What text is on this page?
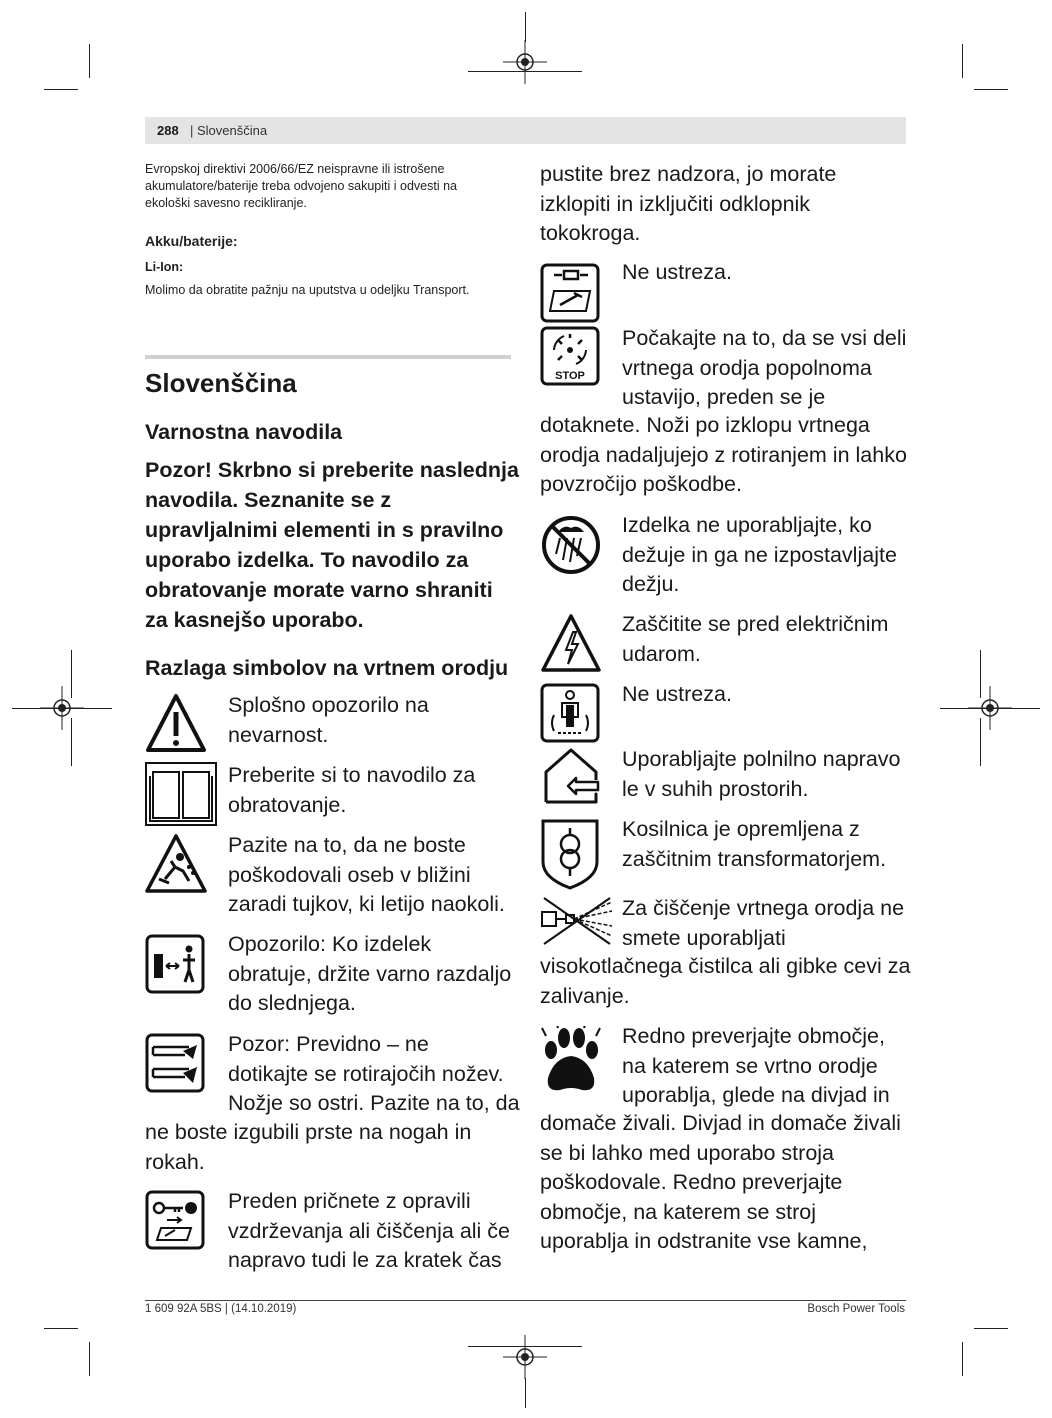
288 | Slovenščina
Evropskoj direktivi 2006/66/EZ neispravne ili istrošene akumulatore/baterije treba odvojeno sakupiti i odvesti na ekološki savesno recikliranje.
Akku/baterije:
Li-Ion:
Molimo da obratite pažnju na uputstva u odeljku Transport.
Slovenščina
Varnostna navodila
Pozor! Skrbno si preberite naslednja
navodila. Seznanite se z
upravljalnimi elementi in s pravilno
uporabo izdelka. To navodilo za
obratovanje morate varno shraniti
za kasnejšo uporabo.
Razlaga simbolov na vrtnem orodju
Splošno opozorilo na
nevarnost.
Preberite si to navodilo za
obratovanje.
Pazite na to, da ne boste
poškodovali oseb v bližini
zaradi tujkov, ki letijo naokoli.
Opozorilo: Ko izdelek
obratuje, držite varno razdaljo
do slednjega.
Pozor: Previdno – ne
dotikajte se rotirajočih nožev.
Nožje so ostri. Pazite na to, da
ne boste izgubili prste na nogah in
rokah.
Preden pričnete z opravili
vzdrževanja ali čiščenja ali če
napravo tudi le za kratek čas
pustite brez nadzora, jo morate
izklopiti in izključiti odklopnik
tokokroga.
Ne ustreza.
STOP
Počakajte na to, da se vsi deli
vrtnega orodja popolnoma
ustavijo, preden se je
dotaknete. Noži po izklopu vrtnega
orodja nadaljujejo z rotiranjem in lahko
povzročijo poškodbe.
Izdelka ne uporabljajte, ko
dežuje in ga ne izpostavljajte
dežju.
Zaščitite se pred električnim
udarom.
Ne ustreza.
Uporabljajte polnilno napravo
le v suhih prostorih.
Kosilnica je opremljena z
zaščitnim transformatorjem.
Za čiščenje vrtnega orodja ne
smete uporabljati
visokotlačnega čistilca ali gibke cevi za
zalivanje.
Redno preverjajte območje,
na katerem se vrtno orodje
uporablja, glede na divjad in
domače živali. Divjad in domače živali
se bi lahko med uporabo stroja
poškodovale. Redno preverjajte
območje, na katerem se stroj
uporablja in odstranite vse kamne,
1 609 92A 5BS | (14.10.2019)	Bosch Power Tools
